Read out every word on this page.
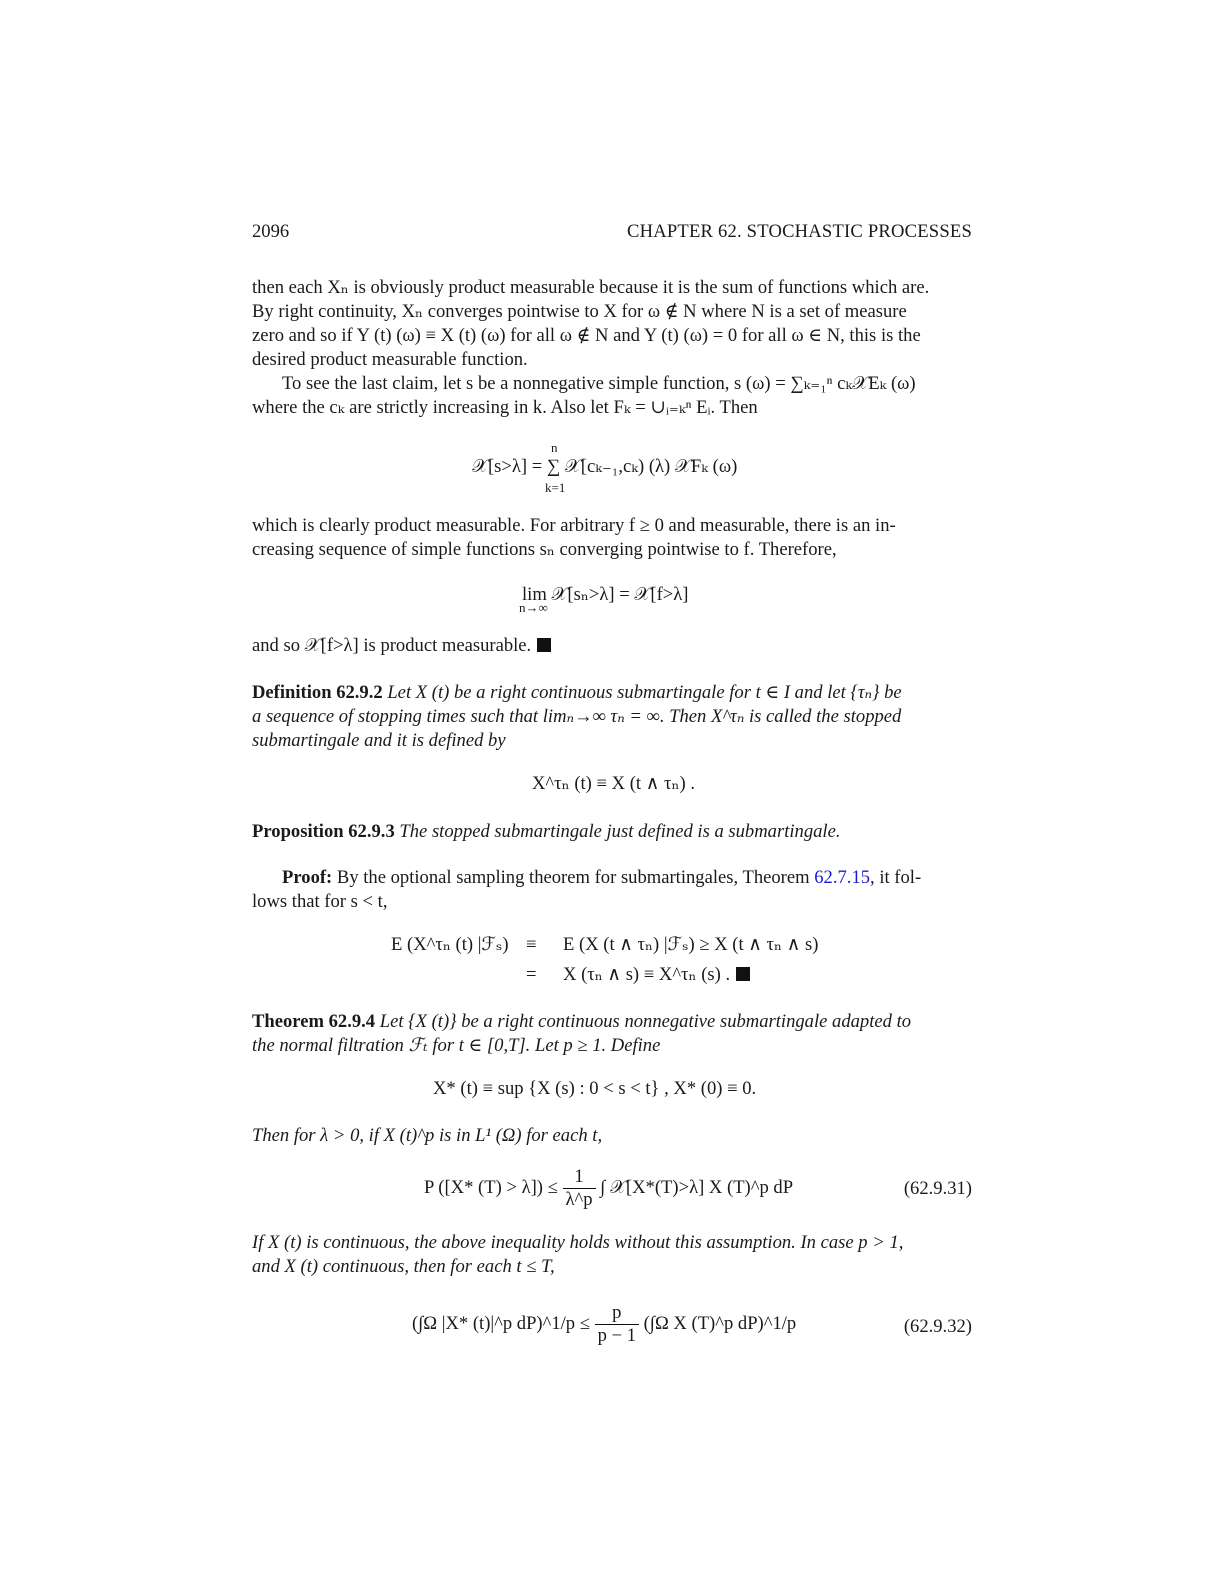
2096	CHAPTER 62. STOCHASTIC PROCESSES
then each Xₙ is obviously product measurable because it is the sum of functions which are.
By right continuity, Xₙ converges pointwise to X for ω ∉ N where N is a set of measure
zero and so if Y (t) (ω) ≡ X (t) (ω) for all ω ∉ N and Y (t) (ω) = 0 for all ω ∈ N, this is the
desired product measurable function.
To see the last claim, let s be a nonnegative simple function, s (ω) = ∑ₖ₌₁ⁿ cₖ𝒳Eₖ (ω)
where the cₖ are strictly increasing in k. Also let Fₖ = ∪ᵢ₌ₖⁿ Eᵢ. Then
n
𝒳[s>λ] = ∑ 𝒳[cₖ₋₁,cₖ) (λ) 𝒳Fₖ (ω)
k=1
which is clearly product measurable. For arbitrary f ≥ 0 and measurable, there is an in-
creasing sequence of simple functions sₙ converging pointwise to f. Therefore,
lim 𝒳[sₙ>λ] = 𝒳[f>λ]
n→∞
and so 𝒳[f>λ] is product measurable.
Definition 62.9.2 Let X (t) be a right continuous submartingale for t ∈ I and let {τₙ} be
a sequence of stopping times such that limₙ→∞ τₙ = ∞. Then X^τₙ is called the stopped
submartingale and it is defined by
X^τₙ (t) ≡ X (t ∧ τₙ) .
Proposition 62.9.3 The stopped submartingale just defined is a submartingale.
Proof: By the optional sampling theorem for submartingales, Theorem 62.7.15, it fol-
lows that for s < t,
E (X^τₙ (t) |ℱₛ) ≡ E (X (t ∧ τₙ) |ℱₛ) ≥ X (t ∧ τₙ ∧ s)
= X (τₙ ∧ s) ≡ X^τₙ (s) .
Theorem 62.9.4 Let {X (t)} be a right continuous nonnegative submartingale adapted to
the normal filtration ℱₜ for t ∈ [0,T]. Let p ≥ 1. Define
X* (t) ≡ sup {X (s) : 0 < s < t} , X* (0) ≡ 0.
Then for λ > 0, if X (t)^p is in L¹ (Ω) for each t,
P ([X* $(T) > \lambda]) \le \frac{1}{\lambda\^{}p}$ ∫ 𝒳[X*(T)>λ] X (T)^p dP	(62.9.31)
If X (t) is continuous, the above inequality holds without this assumption. In case p > 1,
and X (t) continuous, then for each t ≤ T,
(∫Ω |X* (t)|^p dP)^1/p ≤ $\frac{p}{p - 1} (\int\Omega$ X (T)^p dP)^1/p	(62.9.32)
